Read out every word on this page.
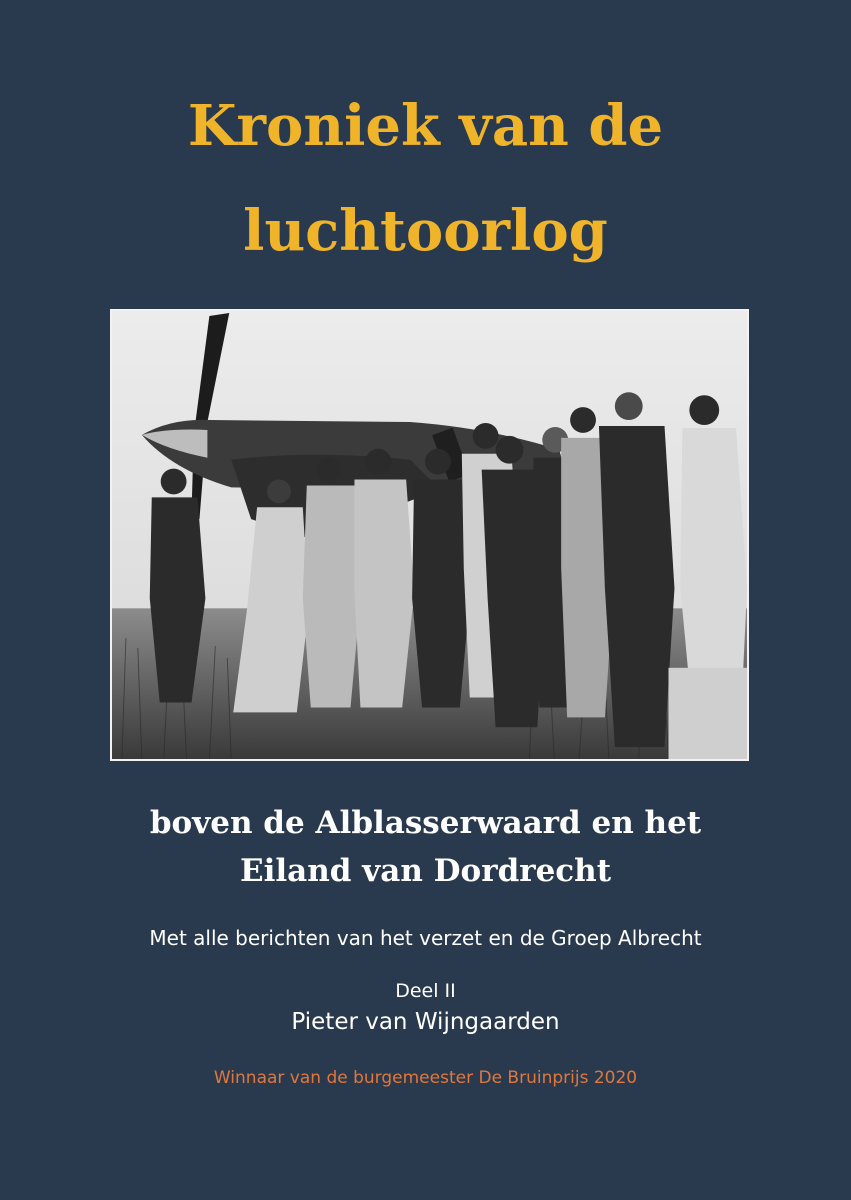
Kroniek van de
luchtoorlog
boven de Alblasserwaard en het
Eiland van Dordrecht
Met alle berichten van het verzet en de Groep Albrecht
Deel II
Pieter van Wijngaarden
Winnaar van de burgemeester De Bruinprijs 2020
